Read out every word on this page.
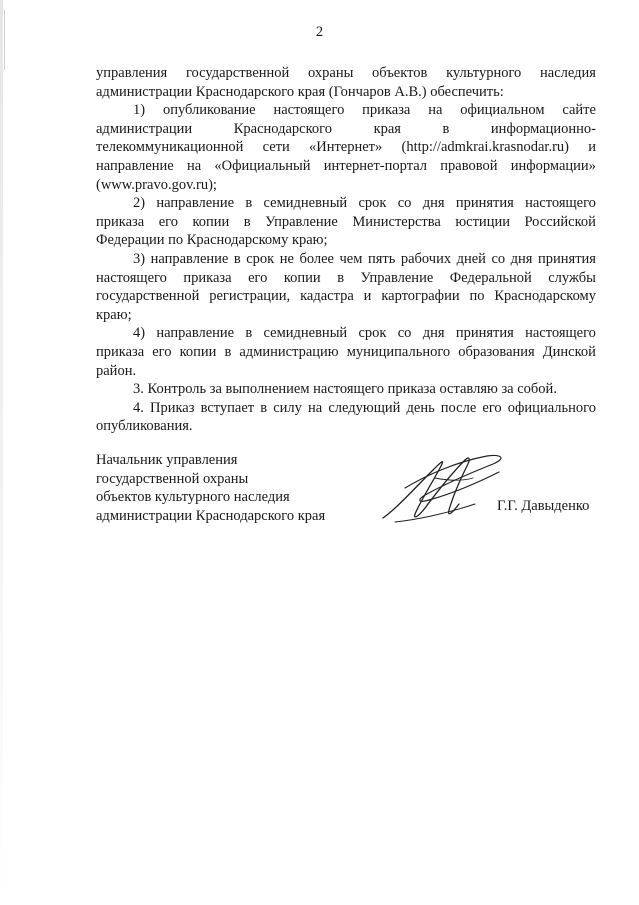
2
управления государственной охраны объектов культурного наследия
администрации Краснодарского края (Гончаров А.В.) обеспечить:
1) опубликование настоящего приказа на официальном сайте
администрации	Краснодарского	края	в	информационно-
телекоммуникационной сети «Интернет» (http://admkrai.krasnodar.ru) и
направление на «Официальный интернет-портал правовой информации»
(www.pravo.gov.ru);
2) направление в семидневный срок со дня принятия настоящего
приказа его копии в Управление Министерства юстиции Российской
Федерации по Краснодарскому краю;
3) направление в срок не более чем пять рабочих дней со дня принятия
настоящего приказа его копии в Управление Федеральной службы
государственной регистрации, кадастра и картографии по Краснодарскому
краю;
4) направление в семидневный срок со дня принятия настоящего
приказа его копии в администрацию муниципального образования Динской
район.
3. Контроль за выполнением настоящего приказа оставляю за собой.
4. Приказ вступает в силу на следующий день после его официального
опубликования.
Начальник управления
государственной охраны
объектов культурного наследия
администрации Краснодарского края
Г.Г. Давыденко
